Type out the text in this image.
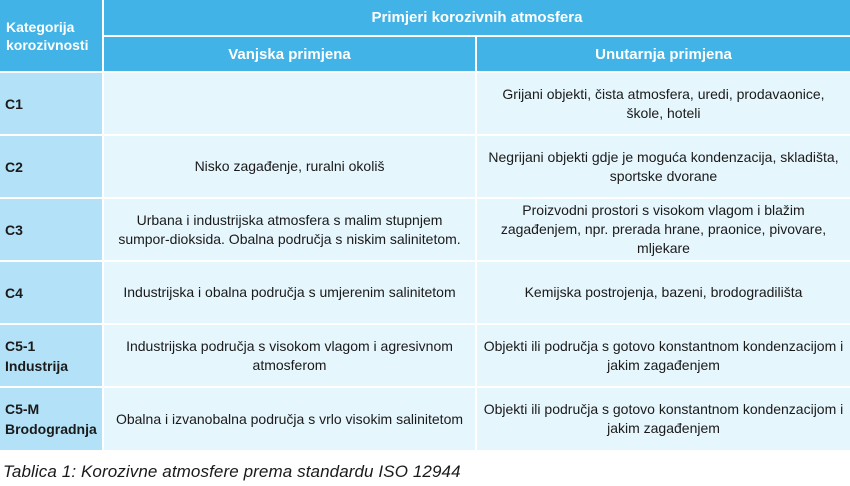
Kategorija korozivnosti	Primjeri korozivnih atmosfera	
	Vanjska primjena	Unutarnja primjena
C1		Grijani objekti, čista atmosfera, uredi, prodavaonice, škole, hoteli
C2	Nisko zagađenje, ruralni okoliš	Negrijani objekti gdje je moguća kondenzacija, skladišta, sportske dvorane
C3	Urbana i industrijska atmosfera s malim stupnjem sumpor-dioksida. Obalna područja s niskim salinitetom.	Proizvodni prostori s visokom vlagom i blažim zagađenjem, npr. prerada hrane, praonice, pivovare, mljekare
C4	Industrijska i obalna područja s umjerenim salinitetom	Kemijska postrojenja, bazeni, brodogradilišta
C5-1 Industrija	Industrijska područja s visokom vlagom i agresivnom atmosferom	Objekti ili područja s gotovo konstantnom kondenzacijom i jakim zagađenjem
C5-M Brodogradnja	Obalna i izvanobalna područja s vrlo visokim salinitetom	Objekti ili područja s gotovo konstantnom kondenzacijom i jakim zagađenjem
Tablica 1: Korozivne atmosfere prema standardu ISO 12944
